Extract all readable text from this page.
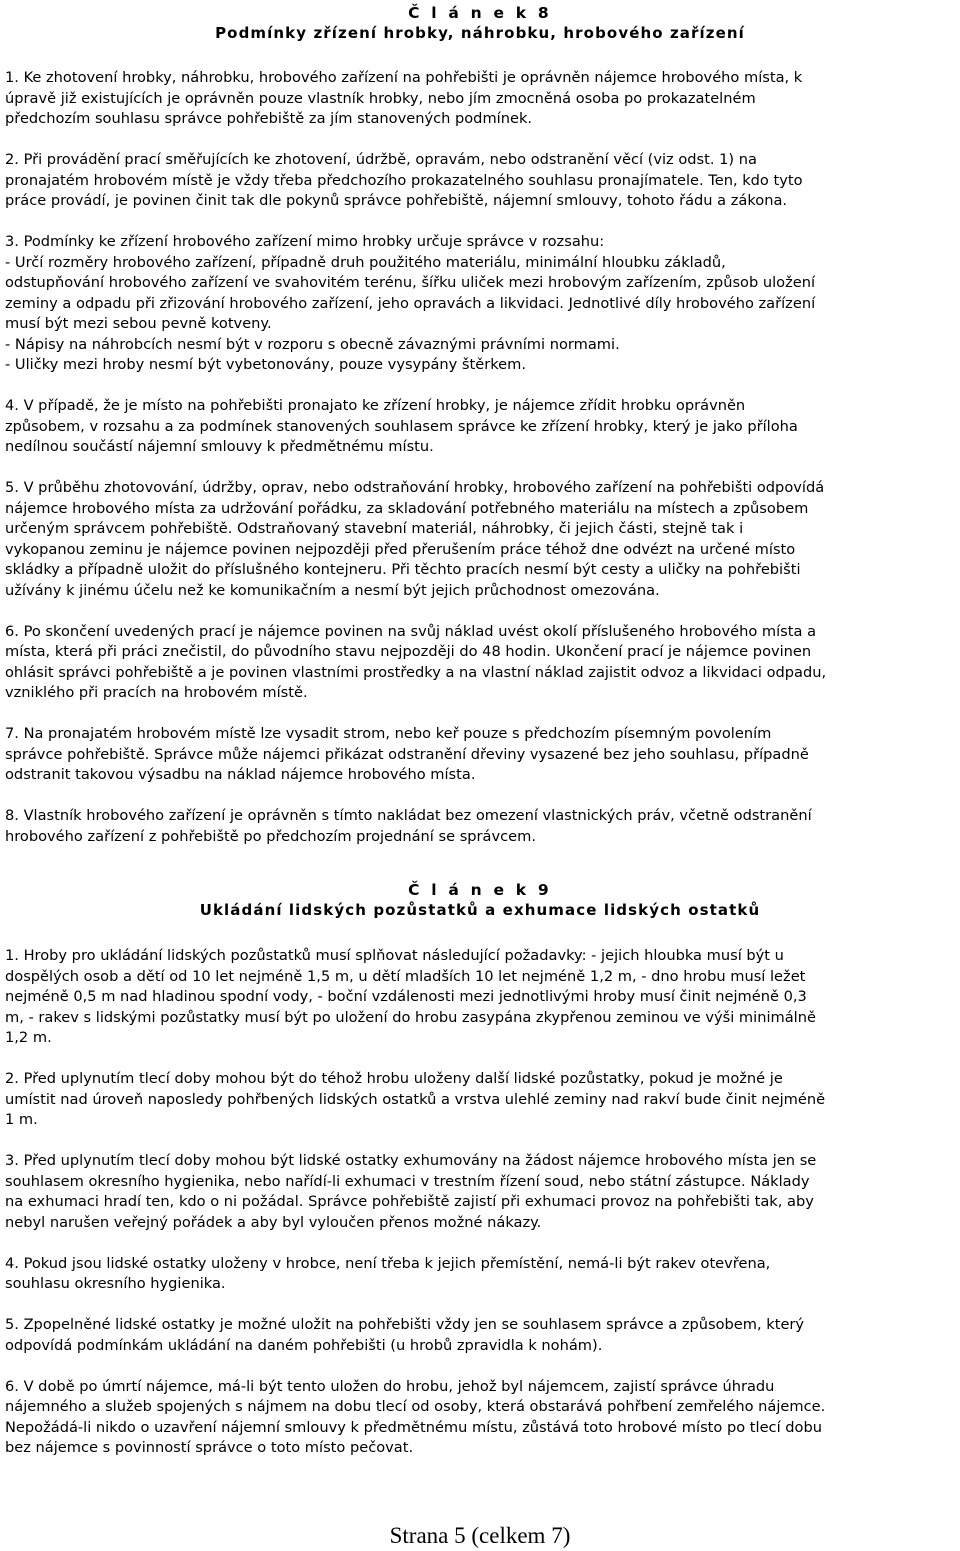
Č l á n e k 8
Podmínky zřízení hrobky, náhrobku, hrobového zařízení
1. Ke zhotovení hrobky, náhrobku, hrobového zařízení na pohřebišti je oprávněn nájemce hrobového místa, k
úpravě již existujících je oprávněn pouze vlastník hrobky, nebo jím zmocněná osoba po prokazatelném
předchozím souhlasu správce pohřebiště za jím stanovených podmínek.
2. Při provádění prací směřujících ke zhotovení, údržbě, opravám, nebo odstranění věcí (viz odst. 1) na
pronajatém hrobovém místě je vždy třeba předchozího prokazatelného souhlasu pronajímatele. Ten, kdo tyto
práce provádí, je povinen činit tak dle pokynů správce pohřebiště, nájemní smlouvy, tohoto řádu a zákona.
3. Podmínky ke zřízení hrobového zařízení mimo hrobky určuje správce v rozsahu:
- Určí rozměry hrobového zařízení, případně druh použitého materiálu, minimální hloubku základů,
odstupňování hrobového zařízení ve svahovitém terénu, šířku uliček mezi hrobovým zařízením, způsob uložení
zeminy a odpadu při zřizování hrobového zařízení, jeho opravách a likvidaci. Jednotlivé díly hrobového zařízení
musí být mezi sebou pevně kotveny.
- Nápisy na náhrobcích nesmí být v rozporu s obecně závaznými právními normami.
- Uličky mezi hroby nesmí být vybetonovány, pouze vysypány štěrkem.
4. V případě, že je místo na pohřebišti pronajato ke zřízení hrobky, je nájemce zřídit hrobku oprávněn
způsobem, v rozsahu a za podmínek stanovených souhlasem správce ke zřízení hrobky, který je jako příloha
nedílnou součástí nájemní smlouvy k předmětnému místu.
5. V průběhu zhotovování, údržby, oprav, nebo odstraňování hrobky, hrobového zařízení na pohřebišti odpovídá
nájemce hrobového místa za udržování pořádku, za skladování potřebného materiálu na místech a způsobem
určeným správcem pohřebiště. Odstraňovaný stavební materiál, náhrobky, či jejich části, stejně tak i
vykopanou zeminu je nájemce povinen nejpozději před přerušením práce téhož dne odvézt na určené místo
skládky a případně uložit do příslušného kontejneru. Při těchto pracích nesmí být cesty a uličky na pohřebišti
užívány k jinému účelu než ke komunikačním a nesmí být jejich průchodnost omezována.
6. Po skončení uvedených prací je nájemce povinen na svůj náklad uvést okolí příslušeného hrobového místa a
místa, která při práci znečistil, do původního stavu nejpozději do 48 hodin. Ukončení prací je nájemce povinen
ohlásit správci pohřebiště a je povinen vlastními prostředky a na vlastní náklad zajistit odvoz a likvidaci odpadu,
vzniklého při pracích na hrobovém místě.
7. Na pronajatém hrobovém místě lze vysadit strom, nebo keř pouze s předchozím písemným povolením
správce pohřebiště. Správce může nájemci přikázat odstranění dřeviny vysazené bez jeho souhlasu, případně
odstranit takovou výsadbu na náklad nájemce hrobového místa.
8. Vlastník hrobového zařízení je oprávněn s tímto nakládat bez omezení vlastnických práv, včetně odstranění
hrobového zařízení z pohřebiště po předchozím projednání se správcem.
Č l á n e k 9
Ukládání lidských pozůstatků a exhumace lidských ostatků
1. Hroby pro ukládání lidských pozůstatků musí splňovat následující požadavky: - jejich hloubka musí být u
dospělých osob a dětí od 10 let nejméně 1,5 m, u dětí mladších 10 let nejméně 1,2 m, - dno hrobu musí ležet
nejméně 0,5 m nad hladinou spodní vody, - boční vzdálenosti mezi jednotlivými hroby musí činit nejméně 0,3
m, - rakev s lidskými pozůstatky musí být po uložení do hrobu zasypána zkypřenou zeminou ve výši minimálně
1,2 m.
2. Před uplynutím tlecí doby mohou být do téhož hrobu uloženy další lidské pozůstatky, pokud je možné je
umístit nad úroveň naposledy pohřbených lidských ostatků a vrstva ulehlé zeminy nad rakví bude činit nejméně
1 m.
3. Před uplynutím tlecí doby mohou být lidské ostatky exhumovány na žádost nájemce hrobového místa jen se
souhlasem okresního hygienika, nebo nařídí-li exhumaci v trestním řízení soud, nebo státní zástupce. Náklady
na exhumaci hradí ten, kdo o ni požádal. Správce pohřebiště zajistí při exhumaci provoz na pohřebišti tak, aby
nebyl narušen veřejný pořádek a aby byl vyloučen přenos možné nákazy.
4. Pokud jsou lidské ostatky uloženy v hrobce, není třeba k jejich přemístění, nemá-li být rakev otevřena,
souhlasu okresního hygienika.
5. Zpopelněné lidské ostatky je možné uložit na pohřebišti vždy jen se souhlasem správce a způsobem, který
odpovídá podmínkám ukládání na daném pohřebišti (u hrobů zpravidla k nohám).
6. V době po úmrtí nájemce, má-li být tento uložen do hrobu, jehož byl nájemcem, zajistí správce úhradu
nájemného a služeb spojených s nájmem na dobu tlecí od osoby, která obstarává pohřbení zemřelého nájemce.
Nepožádá-li nikdo o uzavření nájemní smlouvy k předmětnému místu, zůstává toto hrobové místo po tlecí dobu
bez nájemce s povinností správce o toto místo pečovat.
Strana 5 (celkem 7)
